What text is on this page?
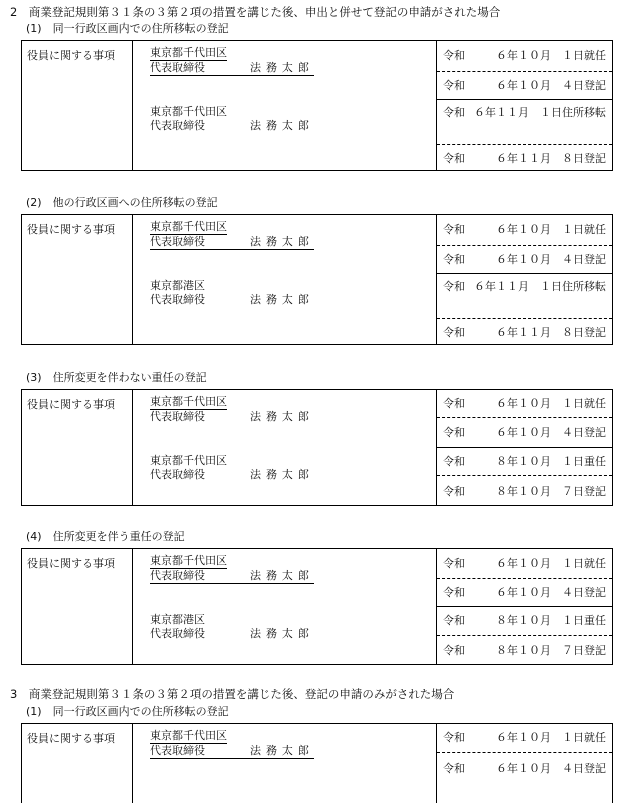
2　商業登記規則第３１条の３第２項の措置を講じた後、申出と併せて登記の申請がされた場合
(1)　同一行政区画内での住所移転の登記
役員に関する事項	東京都千代田区
代表取締役	法務太郎
東京都千代田区
代表取締役	法務太郎
令和	６年１０月　１日就任
令和	６年１０月　４日登記
令和 ６年１１月　１日住所移転
令和	６年１１月　８日登記
(2)　他の行政区画への住所移転の登記
役員に関する事項	東京都千代田区
代表取締役	法務太郎
東京都港区
代表取締役	法務太郎
令和	６年１０月　１日就任
令和	６年１０月　４日登記
令和 ６年１１月　１日住所移転
令和	６年１１月　８日登記
(3)　住所変更を伴わない重任の登記
役員に関する事項	東京都千代田区
代表取締役	法務太郎
東京都千代田区
代表取締役	法務太郎
令和	６年１０月　１日就任
令和	６年１０月　４日登記
令和	８年１０月　１日重任
令和	８年１０月　７日登記
(4)　住所変更を伴う重任の登記
役員に関する事項	東京都千代田区
代表取締役	法務太郎
東京都港区
代表取締役	法務太郎
令和	６年１０月　１日就任
令和	６年１０月　４日登記
令和	８年１０月　１日重任
令和	８年１０月　７日登記
3　商業登記規則第３１条の３第２項の措置を講じた後、登記の申請のみがされた場合
(1)　同一行政区画内での住所移転の登記
役員に関する事項	東京都千代田区
代表取締役	法務太郎
令和	６年１０月　１日就任
令和	６年１０月　４日登記
